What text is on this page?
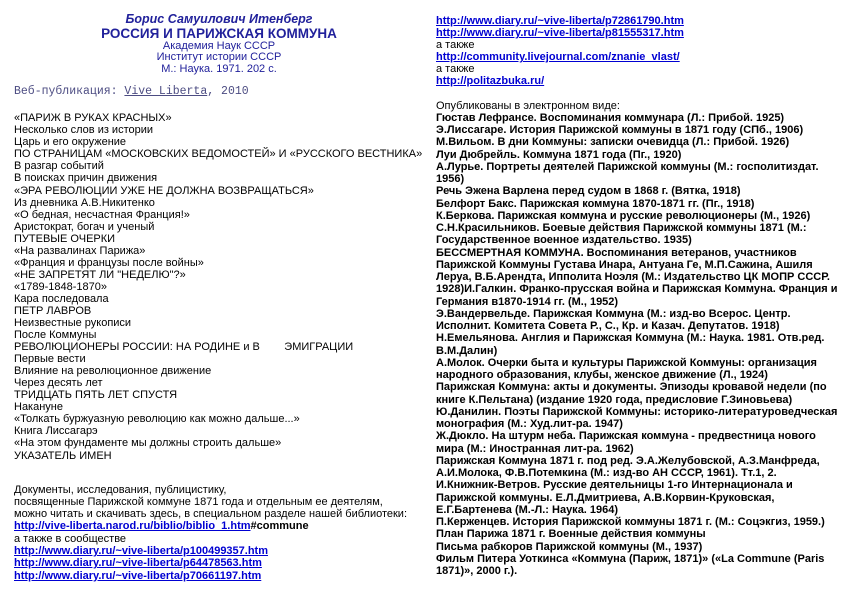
Борис Самуилович Итенберг
РОССИЯ И ПАРИЖСКАЯ КОММУНА
Академия Наук СССР
Институт истории СССР
М.: Наука. 1971. 202 с.
Веб-публикация: Vive Liberta, 2010
«ПАРИЖ В РУКАХ КРАСНЫХ»
Несколько слов из истории
Царь и его окружение
ПО СТРАНИЦАМ «МОСКОВСКИХ ВЕДОМОСТЕЙ» И «РУССКОГО ВЕСТНИКА»
В разгар событий
В поисках причин движения
«ЭРА РЕВОЛЮЦИИ УЖЕ НЕ ДОЛЖНА ВОЗВРАЩАТЬСЯ»
Из дневника А.В.Никитенко
«О бедная, несчастная Франция!»
Аристократ, богач и ученый
ПУТЕВЫЕ ОЧЕРКИ
«На развалинах Парижа»
«Франция и французы после войны»
«НЕ ЗАПРЕТЯТ ЛИ "НЕДЕЛЮ"?»
«1789-1848-1870»
Кара последовала
ПЕТР ЛАВРОВ
Неизвестные рукописи
После Коммуны
РЕВОЛЮЦИОНЕРЫ РОССИИ: НА РОДИНЕ и В        ЭМИГРАЦИИ
Первые вести
Влияние на революционное движение
Через десять лет
ТРИДЦАТЬ ПЯТЬ ЛЕТ СПУСТЯ
Накануне
«Толкать буржуазную революцию как можно дальше...»
Книга Лиссагарэ
«На этом фундаменте мы должны строить дальше»
УКАЗАТЕЛЬ ИМЕН
Документы, исследования, публицистику,
посвященные Парижской коммуне 1871 года и отдельным ее деятелям,
можно читать и скачивать здесь, в специальном разделе нашей библиотеки:
http://vive-liberta.narod.ru/biblio/biblio_1.htm#commune
а также в сообществе
http://www.diary.ru/~vive-liberta/p100499357.htm
http://www.diary.ru/~vive-liberta/p64478563.htm
http://www.diary.ru/~vive-liberta/p70661197.htm
http://www.diary.ru/~vive-liberta/p72861790.htm
http://www.diary.ru/~vive-liberta/p81555317.htm
а также
http://community.livejournal.com/znanie_vlast/
а также
http://politazbuka.ru/
Опубликованы в электронном виде:
Гюстав Лефрансе. Воспоминания коммунара (Л.: Прибой. 1925)
Э.Лиссагаре. История Парижской коммуны в 1871 году (СПб., 1906)
М.Вильом. В дни Коммуны: записки очевидца (Л.: Прибой. 1926)
Луи Дюбрейль. Коммуна 1871 года (Пг., 1920)
А.Лурье. Портреты деятелей Парижской коммуны (М.: госполитиздат. 1956)
Речь Эжена Варлена перед судом в 1868 г. (Вятка, 1918)
Белфорт Бакс. Парижская коммуна 1870-1871 гг. (Пг., 1918)
К.Беркова. Парижская коммуна и русские революционеры (М., 1926)
С.Н.Красильников. Боевые действия Парижской коммуны 1871 (М.: Государственное военное издательство. 1935)
БЕССМЕРТНАЯ КОММУНА. Воспоминания ветеранов, участников Парижской Коммуны Густава Инара, Антуана Ге, М.П.Сажина, Ашиля Леруа, В.Б.Арендта, Ипполита Ноэля (М.: Издательство ЦК МОПР СССР. 1928)И.Галкин. Франко-прусская война и Парижская Коммуна. Франция и Германия в1870-1914 гг. (М., 1952)
Э.Вандервельде. Парижская Коммуна (М.: изд-во Всерос. Центр. Исполнит. Комитета Совета Р., С., Кр. и Казач. Депутатов. 1918)
Н.Емельянова. Англия и Парижская Коммуна (М.: Наука. 1981. Отв.ред. В.М.Далин)
А.Молок. Очерки быта и культуры Парижской Коммуны: организация народного образования, клубы, женское движение (Л., 1924)
Парижская Коммуна: акты и документы. Эпизоды кровавой недели (по книге К.Пельтана) (издание 1920 года, предисловие Г.Зиновьева)
Ю.Данилин. Поэты Парижской Коммуны: историко-литературоведческая монография (М.: Худ.лит-ра. 1947)
Ж.Дюкло. На штурм неба. Парижская коммуна - предвестница нового мира (М.: Иностранная лит-ра. 1962)
Парижская Коммуна 1871 г. под ред. Э.А.Желубовской, А.З.Манфреда, А.И.Молока, Ф.В.Потемкина (М.: изд-во АН СССР, 1961). Тт.1, 2.
И.Книжник-Ветров. Русские деятельницы 1-го Интернационала и Парижской коммуны. Е.Л.Дмитриева, А.В.Корвин-Круковская, Е.Г.Бартенева (М.-Л.: Наука. 1964)
П.Керженцев. История Парижской коммуны 1871 г. (М.: Соцэкгиз, 1959.)
План Парижа 1871 г. Военные действия коммуны
Письма рабкоров Парижской коммуны (М., 1937)
Фильм Питера Уоткинса «Коммуна (Париж, 1871)» («La Commune (Paris 1871)», 2000 г.).
